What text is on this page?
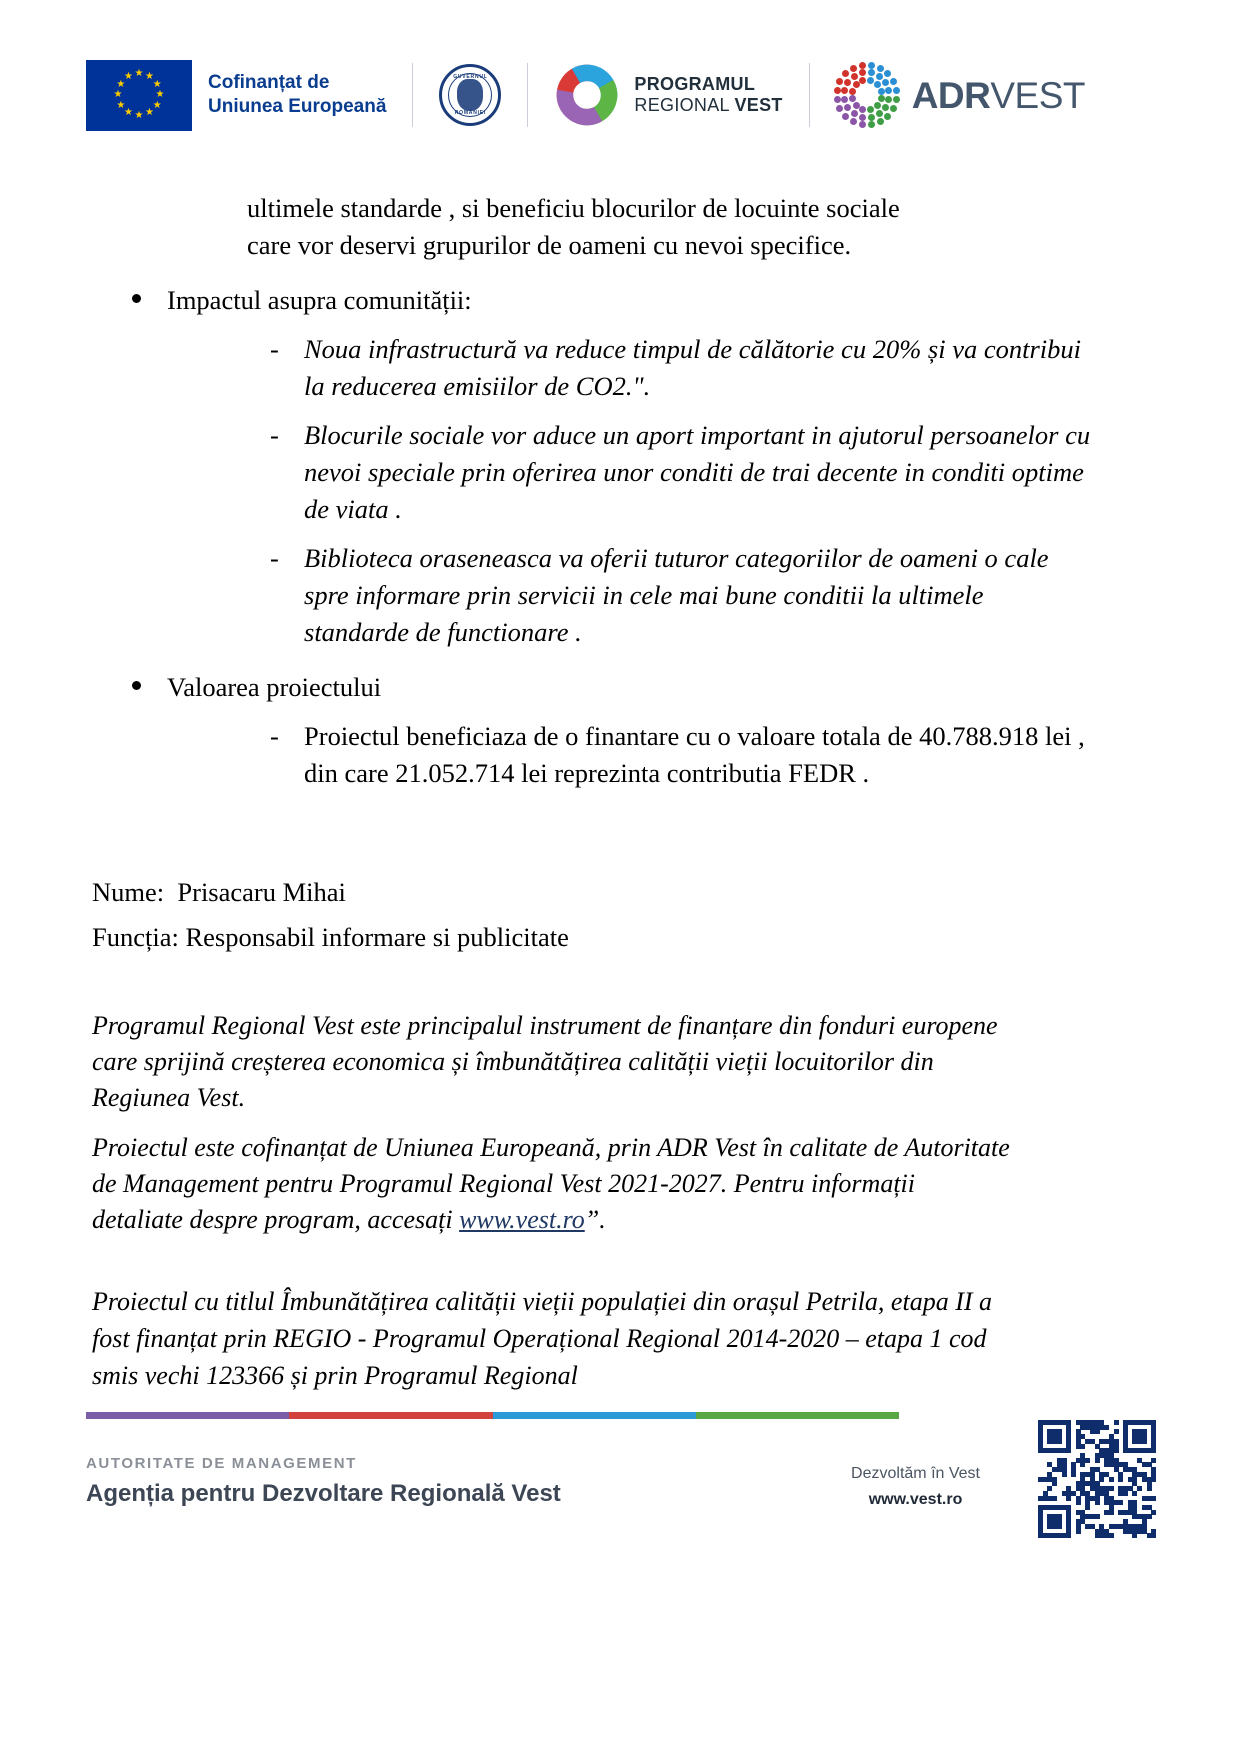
★ ★
★
★
★
★
★
★
★
★
★
★	Cofinanțat de
Uniunea Europeană
GUVERNUL
ROMÂNIEI
PROGRAMUL
REGIONAL VEST	ADRVEST

ultimele standarde , si beneficiu blocurilor de locuinte sociale

care vor deservi grupurilor de oameni cu nevoi specifice.

Impactul asupra comunității:
- Noua infrastructură va reduce timpul de călătorie cu 20% și va contribui la reducerea emisiilor de CO2.".
- Blocurile sociale vor aduce un aport important in ajutorul persoanelor cu nevoi speciale prin oferirea unor conditi de trai decente in conditi optime de viata .
- Biblioteca oraseneasca va oferii tuturor categoriilor de oameni o cale spre informare prin servicii in cele mai bune conditii la ultimele standarde de functionare .
Valoarea proiectului
- Proiectul beneficiaza de o finantare cu o valoare totala de 40.788.918 lei , din care 21.052.714 lei reprezinta contributia FEDR .
Nume: Prisacaru Mihai
Funcția: Responsabil informare si publicitate

Programul Regional Vest este principalul instrument de finanțare din fonduri europene care sprijină creșterea economica și îmbunătățirea calității vieții locuitorilor din Regiunea Vest.

Proiectul este cofinanțat de Uniunea Europeană, prin ADR Vest în calitate de Autoritate de Management pentru Programul Regional Vest 2021-2027. Pentru informații detaliate despre program, accesați www.vest.ro”.

Proiectul cu titlul Îmbunătățirea calității vieții populației din orașul Petrila, etapa II a fost finanțat prin REGIO - Programul Operațional Regional 2014-2020 – etapa 1 cod smis vechi 123366 și prin Programul Regional

AUTORITATE DE MANAGEMENT
Agenția pentru Dezvoltare Regională Vest
Dezvoltăm în Vest
www.vest.ro
